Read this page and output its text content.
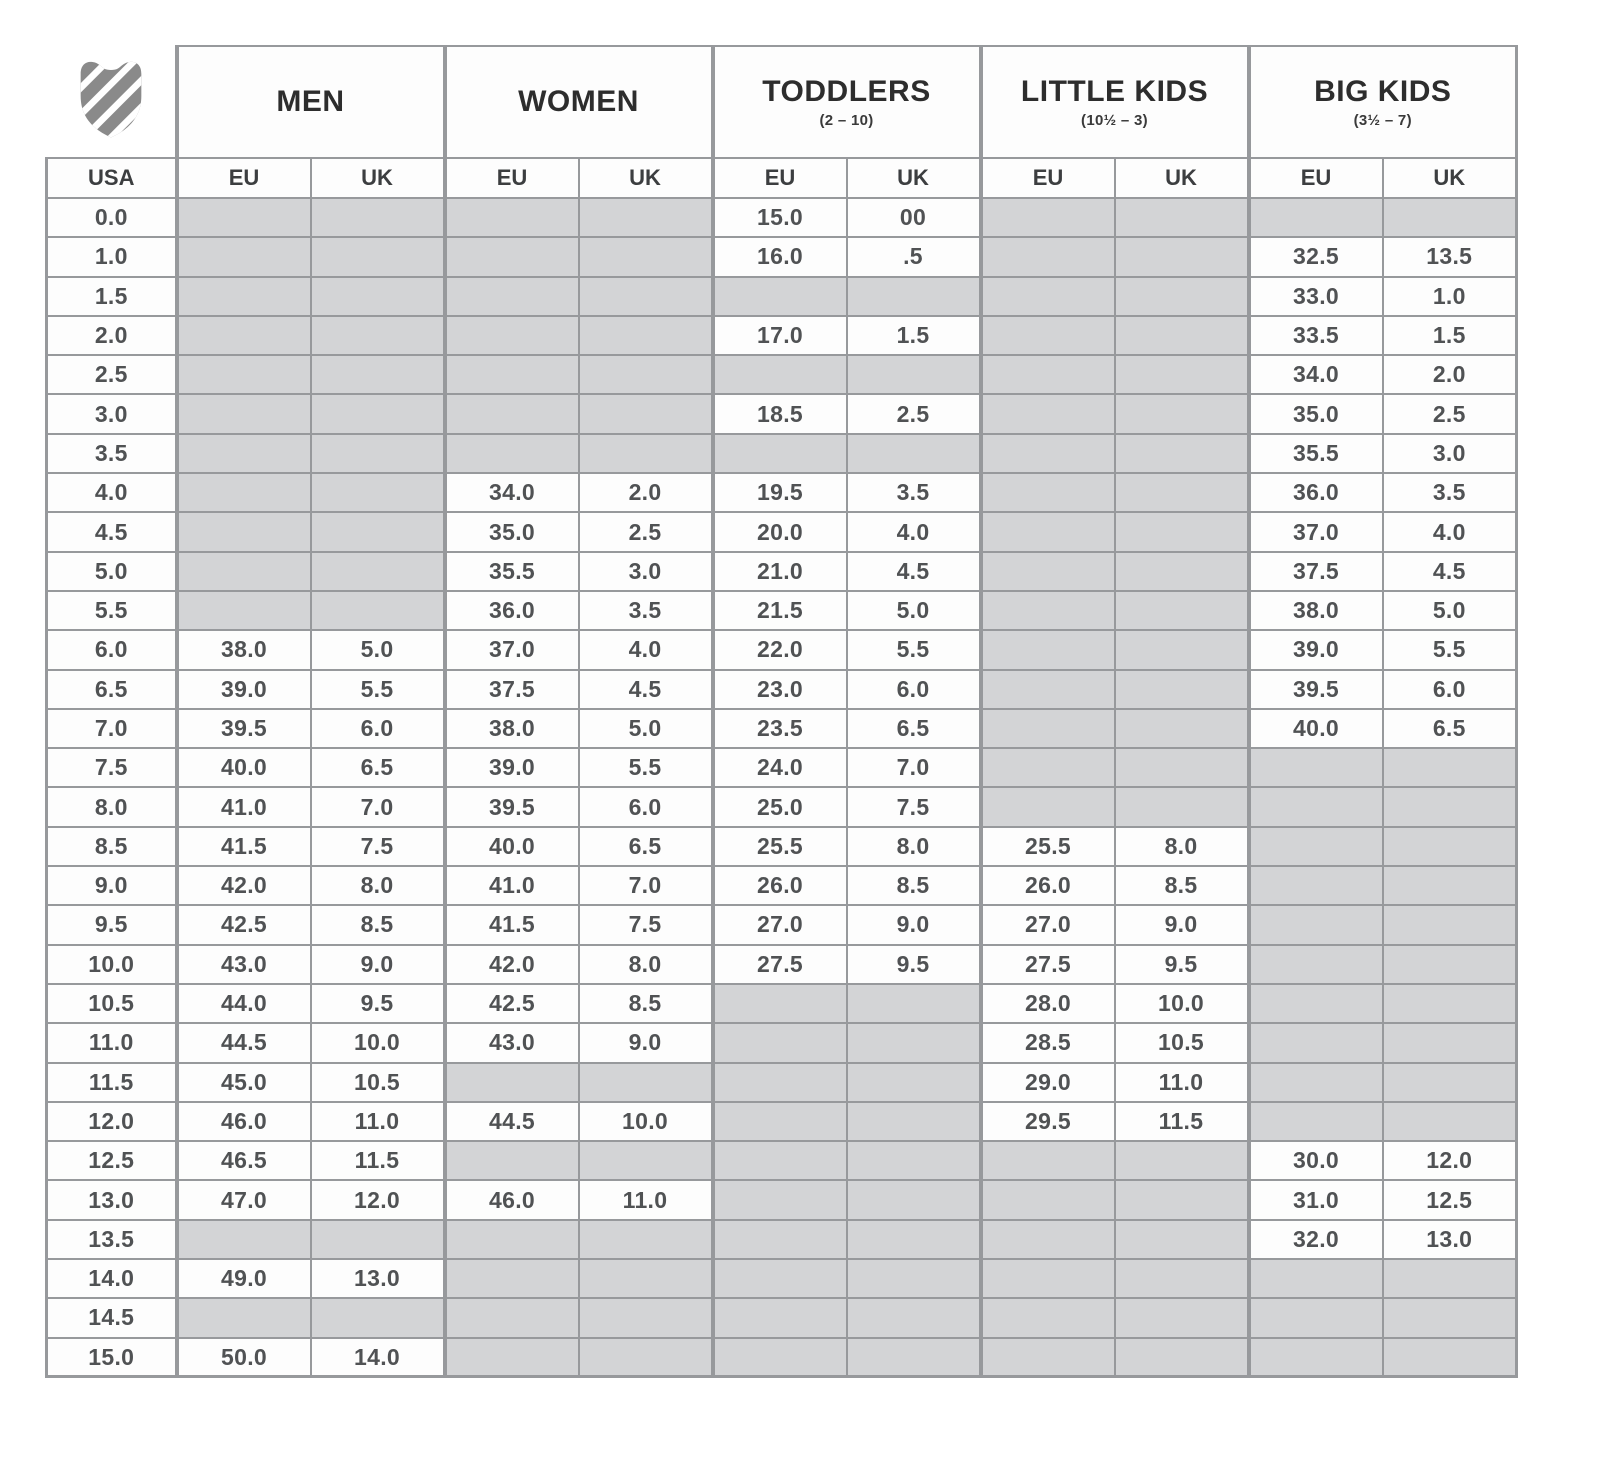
	MEN		WOMEN		TODDLERS
(2 – 10)		LITTLE KIDS
(10½ – 3)		BIG KIDS
(3½ – 7)	

USA	EU	UK	EU	UK	EU	UK	EU	UK	EU	UK
0.0					15.0	00				
1.0					16.0	.5			32.5	13.5
1.5									33.0	1.0
2.0					17.0	1.5			33.5	1.5
2.5									34.0	2.0
3.0					18.5	2.5			35.0	2.5
3.5									35.5	3.0
4.0			34.0	2.0	19.5	3.5			36.0	3.5
4.5			35.0	2.5	20.0	4.0			37.0	4.0
5.0			35.5	3.0	21.0	4.5			37.5	4.5
5.5			36.0	3.5	21.5	5.0			38.0	5.0
6.0	38.0	5.0	37.0	4.0	22.0	5.5			39.0	5.5
6.5	39.0	5.5	37.5	4.5	23.0	6.0			39.5	6.0
7.0	39.5	6.0	38.0	5.0	23.5	6.5			40.0	6.5
7.5	40.0	6.5	39.0	5.5	24.0	7.0				
8.0	41.0	7.0	39.5	6.0	25.0	7.5				
8.5	41.5	7.5	40.0	6.5	25.5	8.0	25.5	8.0		
9.0	42.0	8.0	41.0	7.0	26.0	8.5	26.0	8.5		
9.5	42.5	8.5	41.5	7.5	27.0	9.0	27.0	9.0		
10.0	43.0	9.0	42.0	8.0	27.5	9.5	27.5	9.5		
10.5	44.0	9.5	42.5	8.5			28.0	10.0		
11.0	44.5	10.0	43.0	9.0			28.5	10.5		
11.5	45.0	10.5					29.0	11.0		
12.0	46.0	11.0	44.5	10.0			29.5	11.5		
12.5	46.5	11.5							30.0	12.0
13.0	47.0	12.0	46.0	11.0					31.0	12.5
13.5									32.0	13.0
14.0	49.0	13.0								
14.5										
15.0	50.0	14.0								
